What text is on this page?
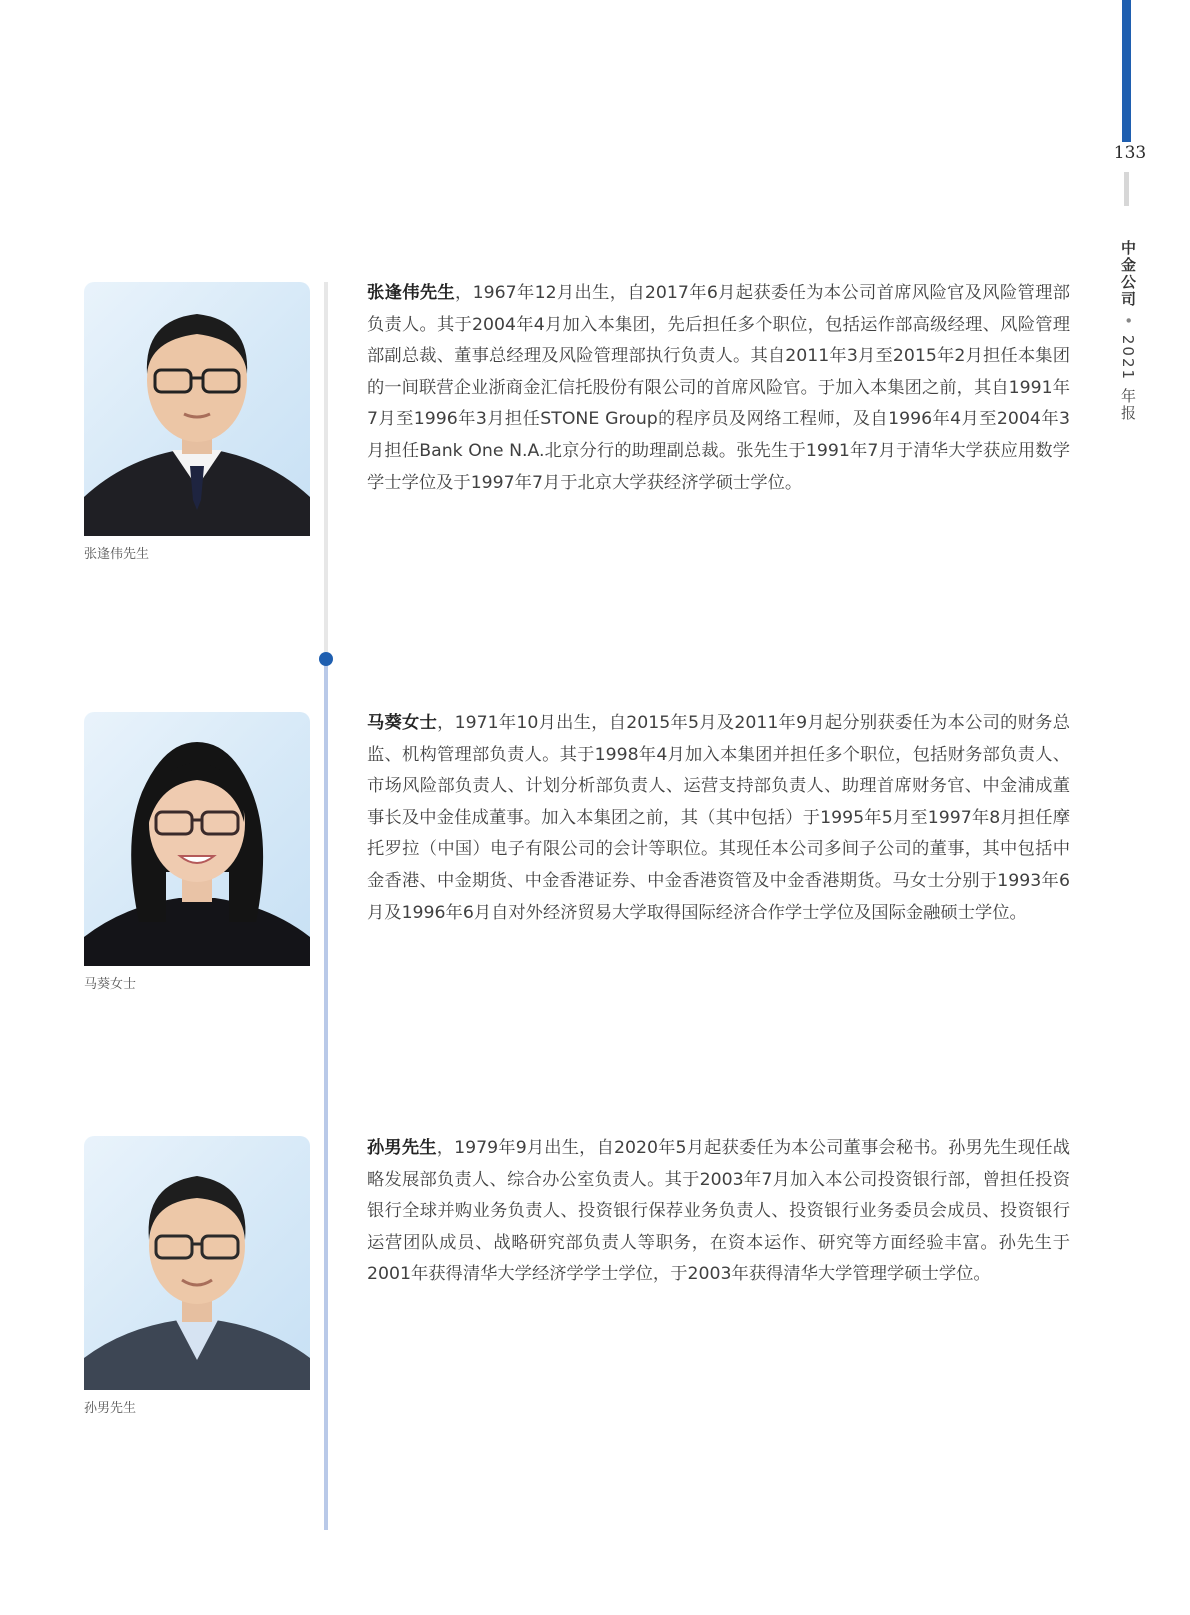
133
中金公司•2021 年报
张逢伟先生
张逢伟先生，1967年12月出生，自2017年6月起获委任为本公司首席风险官及风险管理部负责人。其于2004年4月加入本集团，先后担任多个职位，包括运作部高级经理、风险管理部副总裁、董事总经理及风险管理部执行负责人。其自2011年3月至2015年2月担任本集团的一间联营企业浙商金汇信托股份有限公司的首席风险官。于加入本集团之前，其自1991年7月至1996年3月担任STONE Group的程序员及网络工程师，及自1996年4月至2004年3月担任Bank One N.A.北京分行的助理副总裁。张先生于1991年7月于清华大学获应用数学学士学位及于1997年7月于北京大学获经济学硕士学位。
马葵女士
马葵女士，1971年10月出生，自2015年5月及2011年9月起分别获委任为本公司的财务总监、机构管理部负责人。其于1998年4月加入本集团并担任多个职位，包括财务部负责人、市场风险部负责人、计划分析部负责人、运营支持部负责人、助理首席财务官、中金浦成董事长及中金佳成董事。加入本集团之前，其（其中包括）于1995年5月至1997年8月担任摩托罗拉（中国）电子有限公司的会计等职位。其现任本公司多间子公司的董事，其中包括中金香港、中金期货、中金香港证券、中金香港资管及中金香港期货。马女士分别于1993年6月及1996年6月自对外经济贸易大学取得国际经济合作学士学位及国际金融硕士学位。
孙男先生
孙男先生，1979年9月出生，自2020年5月起获委任为本公司董事会秘书。孙男先生现任战略发展部负责人、综合办公室负责人。其于2003年7月加入本公司投资银行部，曾担任投资银行全球并购业务负责人、投资银行保荐业务负责人、投资银行业务委员会成员、投资银行运营团队成员、战略研究部负责人等职务，在资本运作、研究等方面经验丰富。孙先生于2001年获得清华大学经济学学士学位，于2003年获得清华大学管理学硕士学位。
